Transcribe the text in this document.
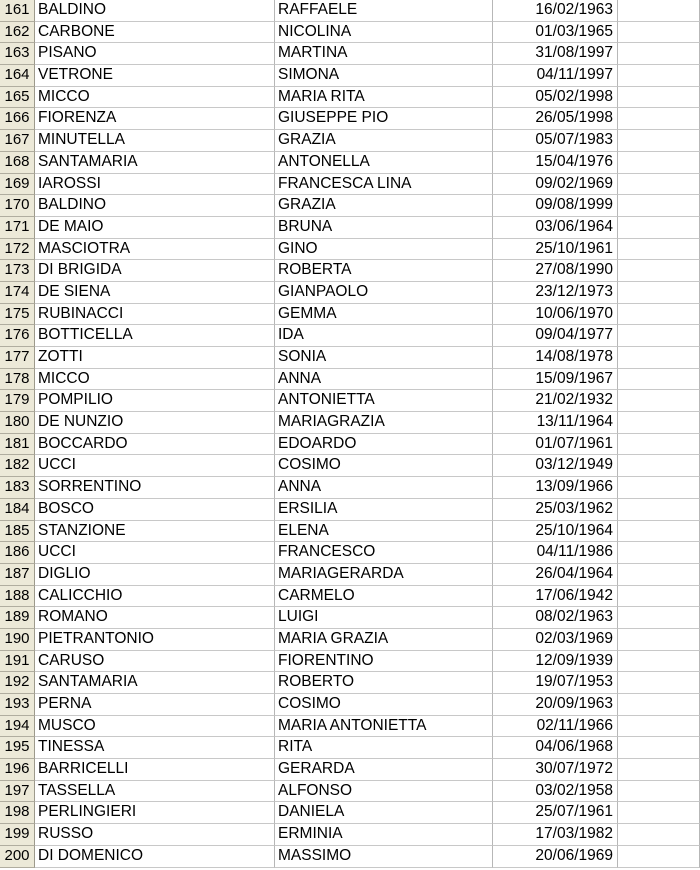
161 BALDINO	RAFFAELE	16/02/1963
162 CARBONE	NICOLINA	01/03/1965
163 PISANO	MARTINA	31/08/1997
164 VETRONE	SIMONA	04/11/1997
165 MICCO	MARIA RITA	05/02/1998
166 FIORENZA	GIUSEPPE PIO	26/05/1998
167 MINUTELLA	GRAZIA	05/07/1983
168 SANTAMARIA	ANTONELLA	15/04/1976
169 IAROSSI	FRANCESCA LINA	09/02/1969
170 BALDINO	GRAZIA	09/08/1999
171 DE MAIO	BRUNA	03/06/1964
172 MASCIOTRA	GINO	25/10/1961
173 DI BRIGIDA	ROBERTA	27/08/1990
174 DE SIENA	GIANPAOLO	23/12/1973
175 RUBINACCI	GEMMA	10/06/1970
176 BOTTICELLA	IDA	09/04/1977
177 ZOTTI	SONIA	14/08/1978
178 MICCO	ANNA	15/09/1967
179 POMPILIO	ANTONIETTA	21/02/1932
180 DE NUNZIO	MARIAGRAZIA	13/11/1964
181 BOCCARDO	EDOARDO	01/07/1961
182 UCCI	COSIMO	03/12/1949
183 SORRENTINO	ANNA	13/09/1966
184 BOSCO	ERSILIA	25/03/1962
185 STANZIONE	ELENA	25/10/1964
186 UCCI	FRANCESCO	04/11/1986
187 DIGLIO	MARIAGERARDA	26/04/1964
188 CALICCHIO	CARMELO	17/06/1942
189 ROMANO	LUIGI	08/02/1963
190 PIETRANTONIO	MARIA GRAZIA	02/03/1969
191 CARUSO	FIORENTINO	12/09/1939
192 SANTAMARIA	ROBERTO	19/07/1953
193 PERNA	COSIMO	20/09/1963
194 MUSCO	MARIA ANTONIETTA	02/11/1966
195 TINESSA	RITA	04/06/1968
196 BARRICELLI	GERARDA	30/07/1972
197 TASSELLA	ALFONSO	03/02/1958
198 PERLINGIERI	DANIELA	25/07/1961
199 RUSSO	ERMINIA	17/03/1982
200 DI DOMENICO	MASSIMO	20/06/1969
